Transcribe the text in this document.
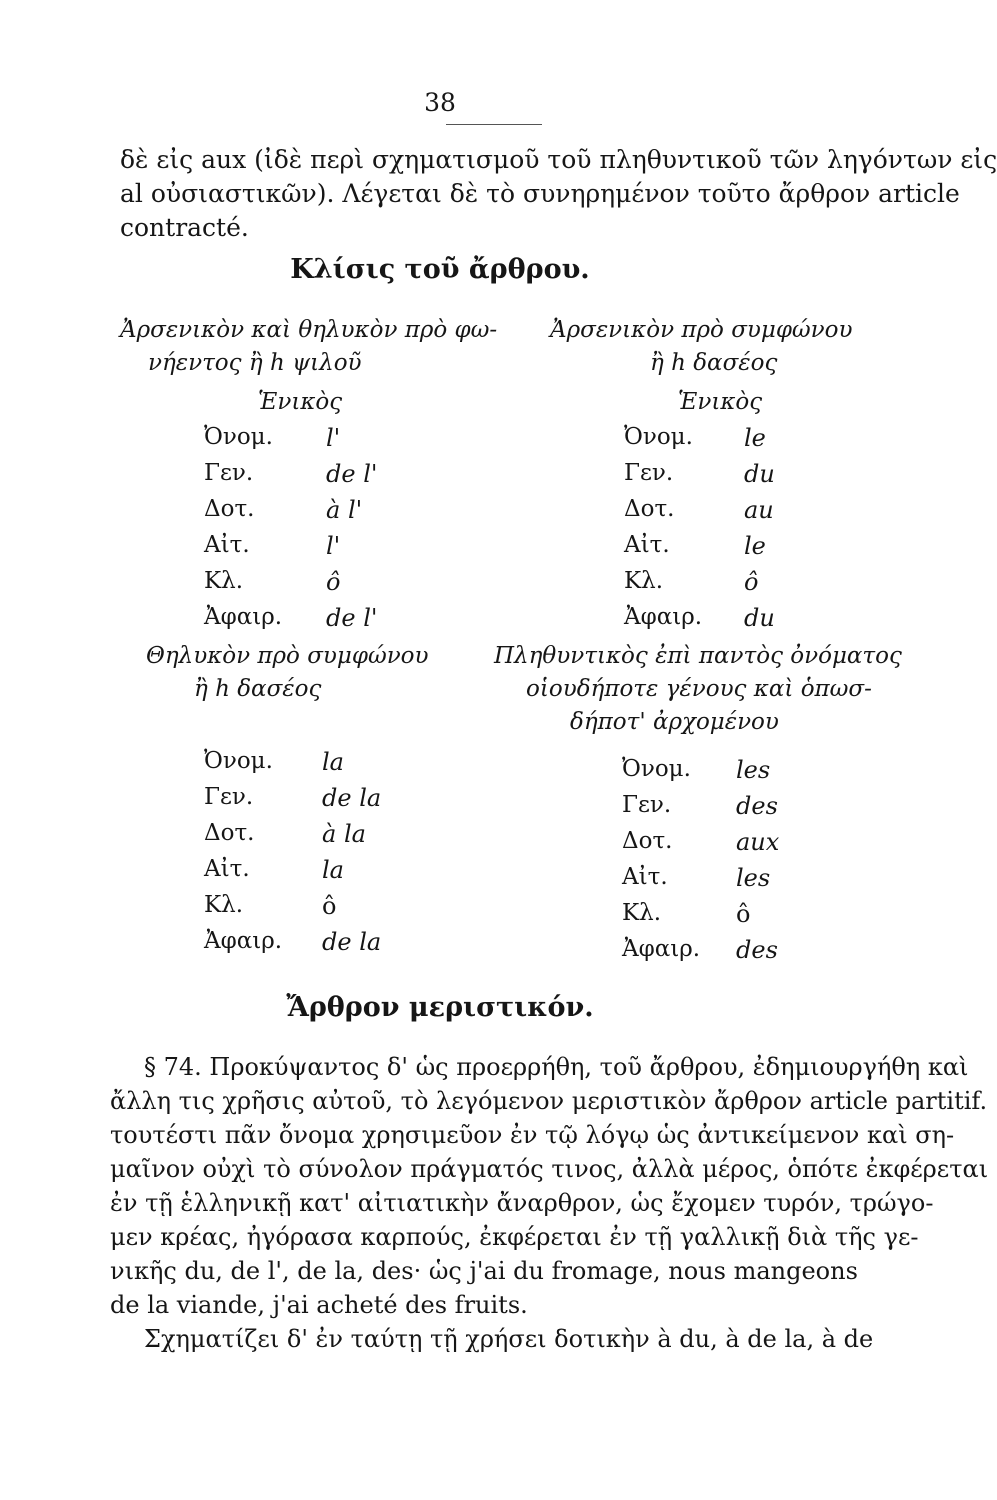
38
δὲ εἰς aux (ἰδὲ περὶ σχηματισμοῦ τοῦ πληθυντικοῦ τῶν ληγόντων εἰς
al οὐσιαστικῶν). Λέγεται δὲ τὸ συνηρημένον τοῦτο ἄρθρον article
contracté.
Κλίσις τοῦ ἄρθρου.
Ἀρσενικὸν καὶ θηλυκὸν πρὸ φω-
νήεντος ἢ h ψιλοῦ
Ἑνικὸς
Ὀνομ. l'
Γεν.	de l'
Δοτ.	à l'
Αἰτ.	l'
Κλ.	ô
Ἀφαιρ. de l'
Ἀρσενικὸν πρὸ συμφώνου
ἢ h δασέος
Ἑνικὸς
Ὀνομ. le
Γεν.	du
Δοτ.	au
Αἰτ.	le
Κλ.	ô
Ἀφαιρ. du
Θηλυκὸν πρὸ συμφώνου
ἢ h δασέος
Ὀνομ. la
Γεν.	de la
Δοτ.	à la
Αἰτ.	la
Κλ.	ô
Ἀφαιρ. de la
Πληθυντικὸς ἐπὶ παντὸς ὀνόματος
οἱουδήποτε γένους καὶ ὁπωσ-
δήποτ' ἀρχομένου
Ὀνομ. les
Γεν.	des
Δοτ.	aux
Αἰτ.	les
Κλ.	ô
Ἀφαιρ. des
Ἄρθρον μεριστικόν.
§ 74. Προκύψαντος δ' ὡς προερρήθη, τοῦ ἄρθρου, ἐδημιουργήθη καὶ
ἄλλη τις χρῆσις αὐτοῦ, τὸ λεγόμενον μεριστικὸν ἄρθρον article partitif.
τουτέστι πᾶν ὄνομα χρησιμεῦον ἐν τῷ λόγῳ ὡς ἀντικείμενον καὶ ση-
μαῖνον οὐχὶ τὸ σύνολον πράγματός τινος, ἀλλὰ μέρος, ὁπότε ἐκφέρεται
ἐν τῇ ἑλληνικῇ κατ' αἰτιατικὴν ἄναρθρον, ὡς ἔχομεν τυρόν, τρώγο-
μεν κρέας, ἠγόρασα καρπούς, ἐκφέρεται ἐν τῇ γαλλικῇ διὰ τῆς γε-
νικῆς du, de l', de la, des· ὡς j'ai du fromage, nous mangeons
de la viande, j'ai acheté des fruits.
Σχηματίζει δ' ἐν ταύτῃ τῇ χρήσει δοτικὴν à du, à de la, à de
